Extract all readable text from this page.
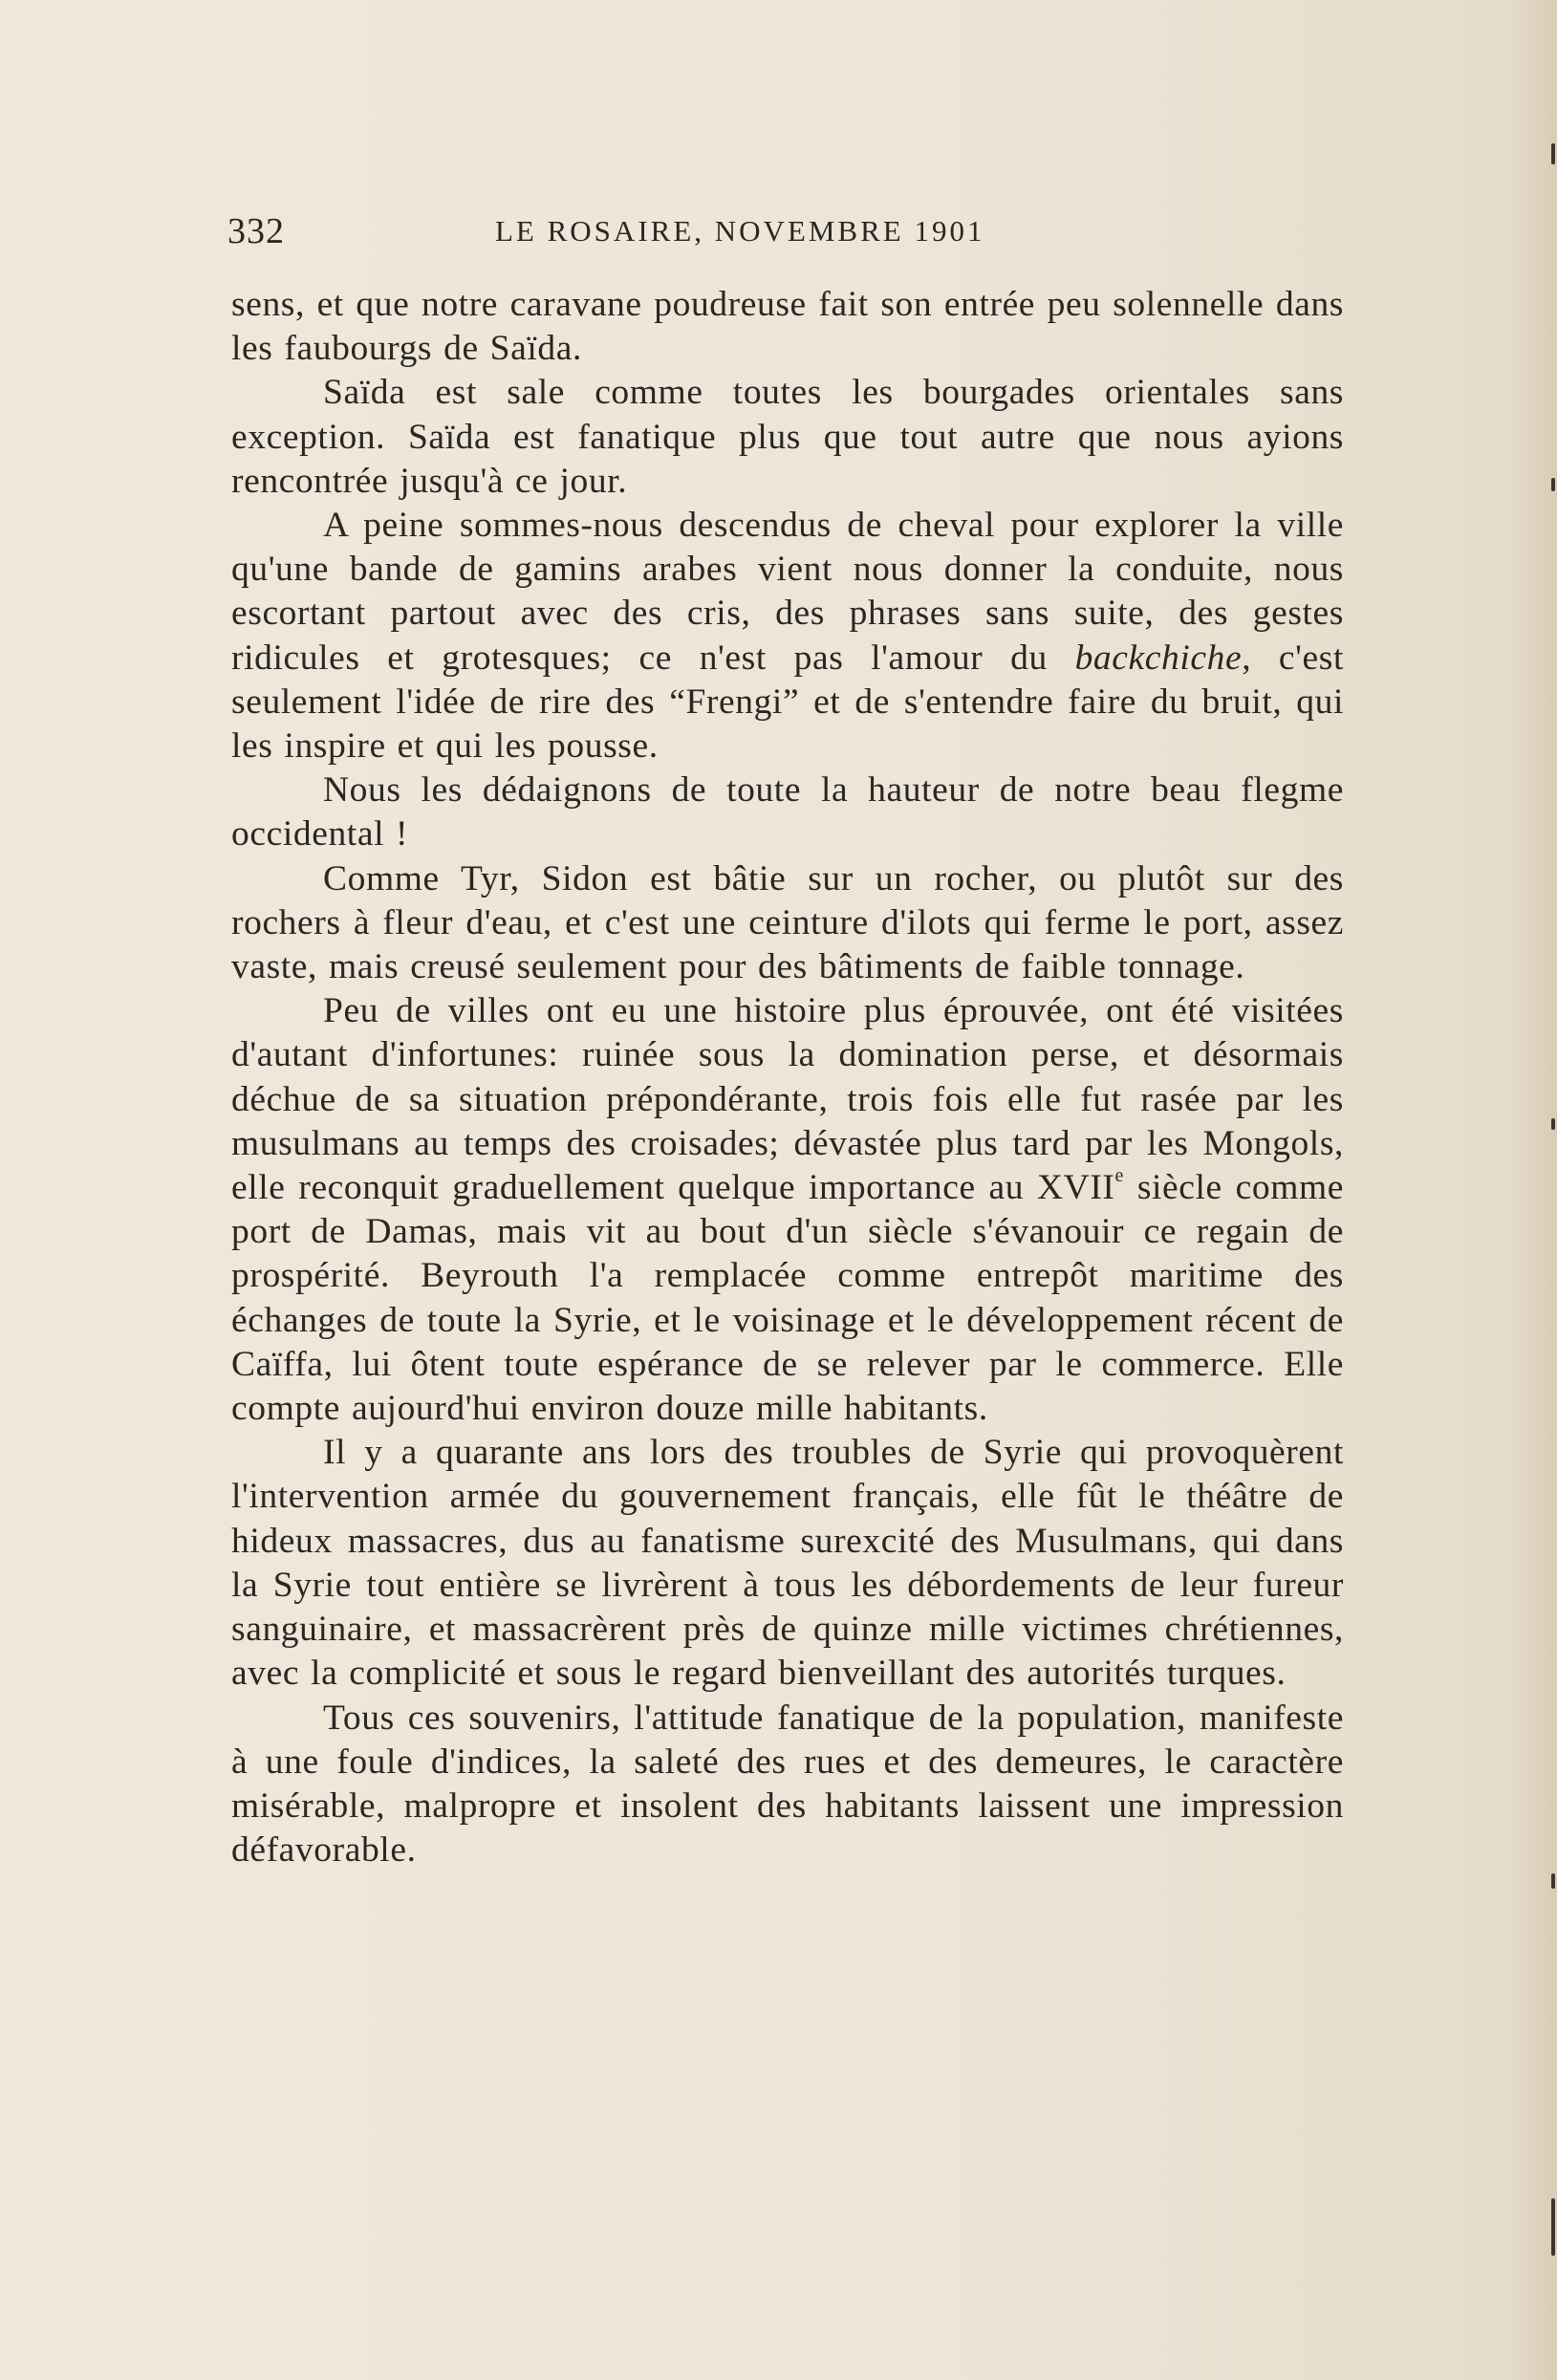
332	LE ROSAIRE, NOVEMBRE 1901

sens, et que notre caravane poudreuse fait son entrée peu solennelle dans les faubourgs de Saïda.

Saïda est sale comme toutes les bourgades orientales sans exception. Saïda est fanatique plus que tout autre que nous ayions rencontrée jusqu'à ce jour.

A peine sommes-nous descendus de cheval pour explorer la ville qu'une bande de gamins arabes vient nous donner la conduite, nous escortant partout avec des cris, des phrases sans suite, des gestes ridicules et grotesques; ce n'est pas l'amour du backchiche, c'est seulement l'idée de rire des “Frengi” et de s'entendre faire du bruit, qui les inspire et qui les pousse.

Nous les dédaignons de toute la hauteur de notre beau flegme occidental !

Comme Tyr, Sidon est bâtie sur un rocher, ou plutôt sur des rochers à fleur d'eau, et c'est une ceinture d'ilots qui ferme le port, assez vaste, mais creusé seulement pour des bâtiments de faible tonnage.

Peu de villes ont eu une histoire plus éprouvée, ont été visitées d'autant d'infortunes: ruinée sous la domination perse, et désormais déchue de sa situation prépondérante, trois fois elle fut rasée par les musulmans au temps des croisades; dévastée plus tard par les Mongols, elle reconquit graduellement quelque importance au XVIIe siècle comme port de Damas, mais vit au bout d'un siècle s'évanouir ce regain de prospérité. Beyrouth l'a remplacée comme entrepôt maritime des échanges de toute la Syrie, et le voisinage et le développement récent de Caïffa, lui ôtent toute espérance de se relever par le commerce. Elle compte aujourd'hui environ douze mille habitants.

Il y a quarante ans lors des troubles de Syrie qui provoquèrent l'intervention armée du gouvernement français, elle fût le théâtre de hideux massacres, dus au fanatisme surexcité des Musulmans, qui dans la Syrie tout entière se livrèrent à tous les débordements de leur fureur sanguinaire, et massacrèrent près de quinze mille victimes chrétiennes, avec la complicité et sous le regard bienveillant des autorités turques.

Tous ces souvenirs, l'attitude fanatique de la population, manifeste à une foule d'indices, la saleté des rues et des demeures, le caractère misérable, malpropre et insolent des habitants laissent une impression défavorable.
